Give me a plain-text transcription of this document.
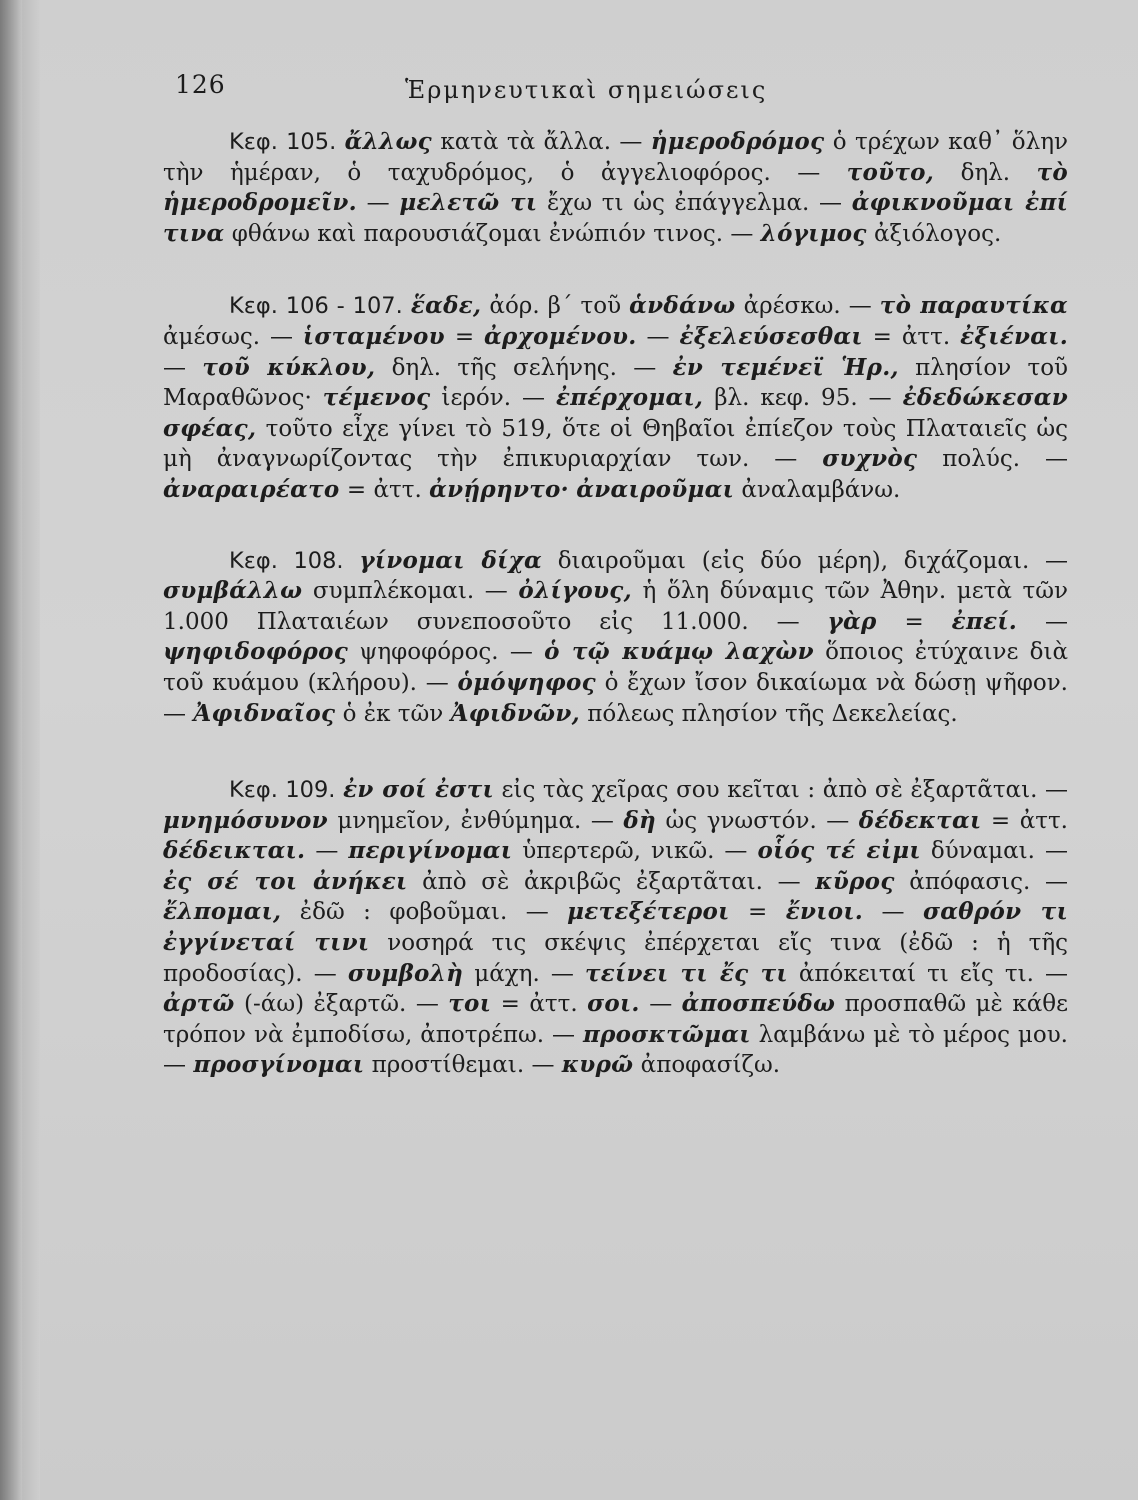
126	Ἑρμηνευτικαὶ σημειώσεις

Κεφ. 105. ἄλλως κατὰ τὰ ἄλλα. — ἡμεροδρόμος ὁ τρέχων καθ᾽ ὅλην τὴν ἡμέραν, ὁ ταχυδρόμος, ὁ ἀγγελιοφόρος. — τοῦτο, δηλ. τὸ ἡμεροδρομεῖν. — μελετῶ τι ἔχω τι ὡς ἐπάγγελμα. — ἀφικνοῦμαι ἐπί τινα φθάνω καὶ παρουσιάζομαι ἐνώπιόν τινος. — λόγιμος ἀξιόλογος.

Κεφ. 106 - 107. ἕαδε, ἀόρ. β´ τοῦ ἁνδάνω ἀρέσκω. — τὸ παραυτίκα ἀμέσως. — ἱσταμένου = ἀρχομένου. — ἐξελεύσεσθαι = ἀττ. ἐξιέναι. — τοῦ κύκλου, δηλ. τῆς σελήνης. — ἐν τεμένεϊ Ἡρ., πλησίον τοῦ Μαραθῶνος· τέμενος ἱερόν. — ἐπέρχομαι, βλ. κεφ. 95. — ἐδεδώκεσαν σφέας, τοῦτο εἶχε γίνει τὸ 519, ὅτε οἱ Θηβαῖοι ἐπίεζον τοὺς Πλαταιεῖς ὡς μὴ ἀναγνωρίζοντας τὴν ἐπικυριαρχίαν των. — συχνὸς πολύς. — ἀναραιρέατο = ἀττ. ἀνῄρηντο· ἀναιροῦμαι ἀναλαμβάνω.

Κεφ. 108. γίνομαι δίχα διαιροῦμαι (εἰς δύο μέρη), διχάζομαι. — συμβάλλω συμπλέκομαι. — ὀλίγους, ἡ ὅλη δύναμις τῶν Ἀθην. μετὰ τῶν 1.000 Πλαταιέων συνεποσοῦτο εἰς 11.000. — γὰρ = ἐπεί. — ψηφιδοφόρος ψηφοφόρος. — ὁ τῷ κυάμῳ λαχὼν ὅποιος ἐτύχαινε διὰ τοῦ κυάμου (κλήρου). — ὁμόψηφος ὁ ἔχων ἴσον δικαίωμα νὰ δώσῃ ψῆφον. — Ἀφιδναῖος ὁ ἐκ τῶν Ἀφιδνῶν, πόλεως πλησίον τῆς Δεκελείας.

Κεφ. 109. ἐν σοί ἐστι εἰς τὰς χεῖρας σου κεῖται : ἀπὸ σὲ ἐξαρτᾶται. — μνημόσυνον μνημεῖον, ἐνθύμημα. — δὴ ὡς γνωστόν. — δέδεκται = ἀττ. δέδεικται. — περιγίνομαι ὑπερτερῶ, νικῶ. — οἷός τέ εἰμι δύναμαι. — ἐς σέ τοι ἀνήκει ἀπὸ σὲ ἀκριβῶς ἐξαρτᾶται. — κῦρος ἀπόφασις. — ἔλπομαι, ἐδῶ : φοβοῦμαι. — μετεξέτεροι = ἔνιοι. — σαθρόν τι ἐγγίνεταί τινι νοσηρά τις σκέψις ἐπέρχεται εἴς τινα (ἐδῶ : ἡ τῆς προδοσίας). — συμβολὴ μάχη. — τείνει τι ἔς τι ἀπόκειταί τι εἴς τι. — ἀρτῶ (-άω) ἐξαρτῶ. — τοι = ἀττ. σοι. — ἀποσπεύδω προσπαθῶ μὲ κάθε τρόπον νὰ ἐμποδίσω, ἀποτρέπω. — προσκτῶμαι λαμβάνω μὲ τὸ μέρος μου. — προσγίνομαι προστίθεμαι. — κυρῶ ἀποφασίζω.
